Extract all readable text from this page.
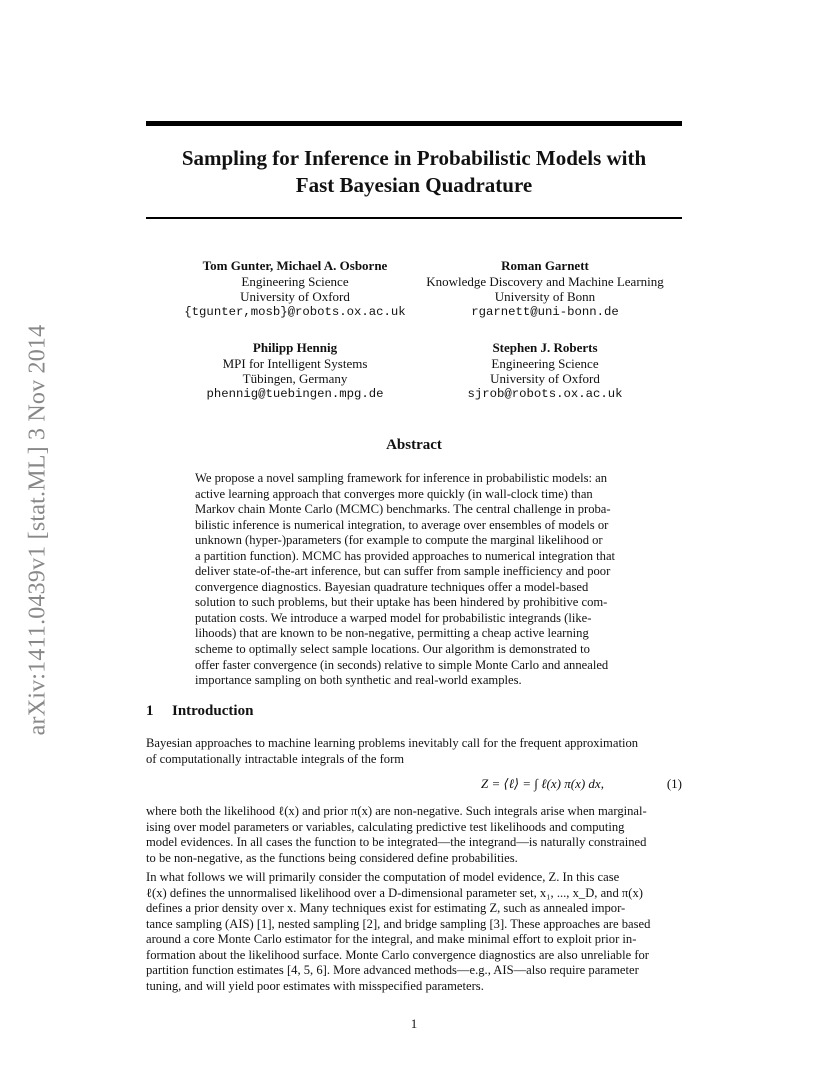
arXiv:1411.0439v1 [stat.ML] 3 Nov 2014
Sampling for Inference in Probabilistic Models with
Fast Bayesian Quadrature
Tom Gunter, Michael A. Osborne
Engineering Science
University of Oxford
{tgunter,mosb}@robots.ox.ac.uk
Roman Garnett
Knowledge Discovery and Machine Learning
University of Bonn
rgarnett@uni-bonn.de
Philipp Hennig
MPI for Intelligent Systems
Tübingen, Germany
phennig@tuebingen.mpg.de
Stephen J. Roberts
Engineering Science
University of Oxford
sjrob@robots.ox.ac.uk
Abstract
We propose a novel sampling framework for inference in probabilistic models: an
active learning approach that converges more quickly (in wall-clock time) than
Markov chain Monte Carlo (MCMC) benchmarks. The central challenge in proba-
bilistic inference is numerical integration, to average over ensembles of models or
unknown (hyper-)parameters (for example to compute the marginal likelihood or
a partition function). MCMC has provided approaches to numerical integration that
deliver state-of-the-art inference, but can suffer from sample inefficiency and poor
convergence diagnostics. Bayesian quadrature techniques offer a model-based
solution to such problems, but their uptake has been hindered by prohibitive com-
putation costs. We introduce a warped model for probabilistic integrands (like-
lihoods) that are known to be non-negative, permitting a cheap active learning
scheme to optimally select sample locations. Our algorithm is demonstrated to
offer faster convergence (in seconds) relative to simple Monte Carlo and annealed
importance sampling on both synthetic and real-world examples.
1 Introduction
Bayesian approaches to machine learning problems inevitably call for the frequent approximation
of computationally intractable integrals of the form
Z = ⟨ℓ⟩ = ∫ ℓ(x) π(x) dx,	(1)
where both the likelihood ℓ(x) and prior π(x) are non-negative. Such integrals arise when marginal-
ising over model parameters or variables, calculating predictive test likelihoods and computing
model evidences. In all cases the function to be integrated—the integrand—is naturally constrained
to be non-negative, as the functions being considered define probabilities.
In what follows we will primarily consider the computation of model evidence, Z. In this case
ℓ(x) defines the unnormalised likelihood over a D-dimensional parameter set, x₁, ..., x_D, and π(x)
defines a prior density over x. Many techniques exist for estimating Z, such as annealed impor-
tance sampling (AIS) [1], nested sampling [2], and bridge sampling [3]. These approaches are based
around a core Monte Carlo estimator for the integral, and make minimal effort to exploit prior in-
formation about the likelihood surface. Monte Carlo convergence diagnostics are also unreliable for
partition function estimates [4, 5, 6]. More advanced methods—e.g., AIS—also require parameter
tuning, and will yield poor estimates with misspecified parameters.
1
